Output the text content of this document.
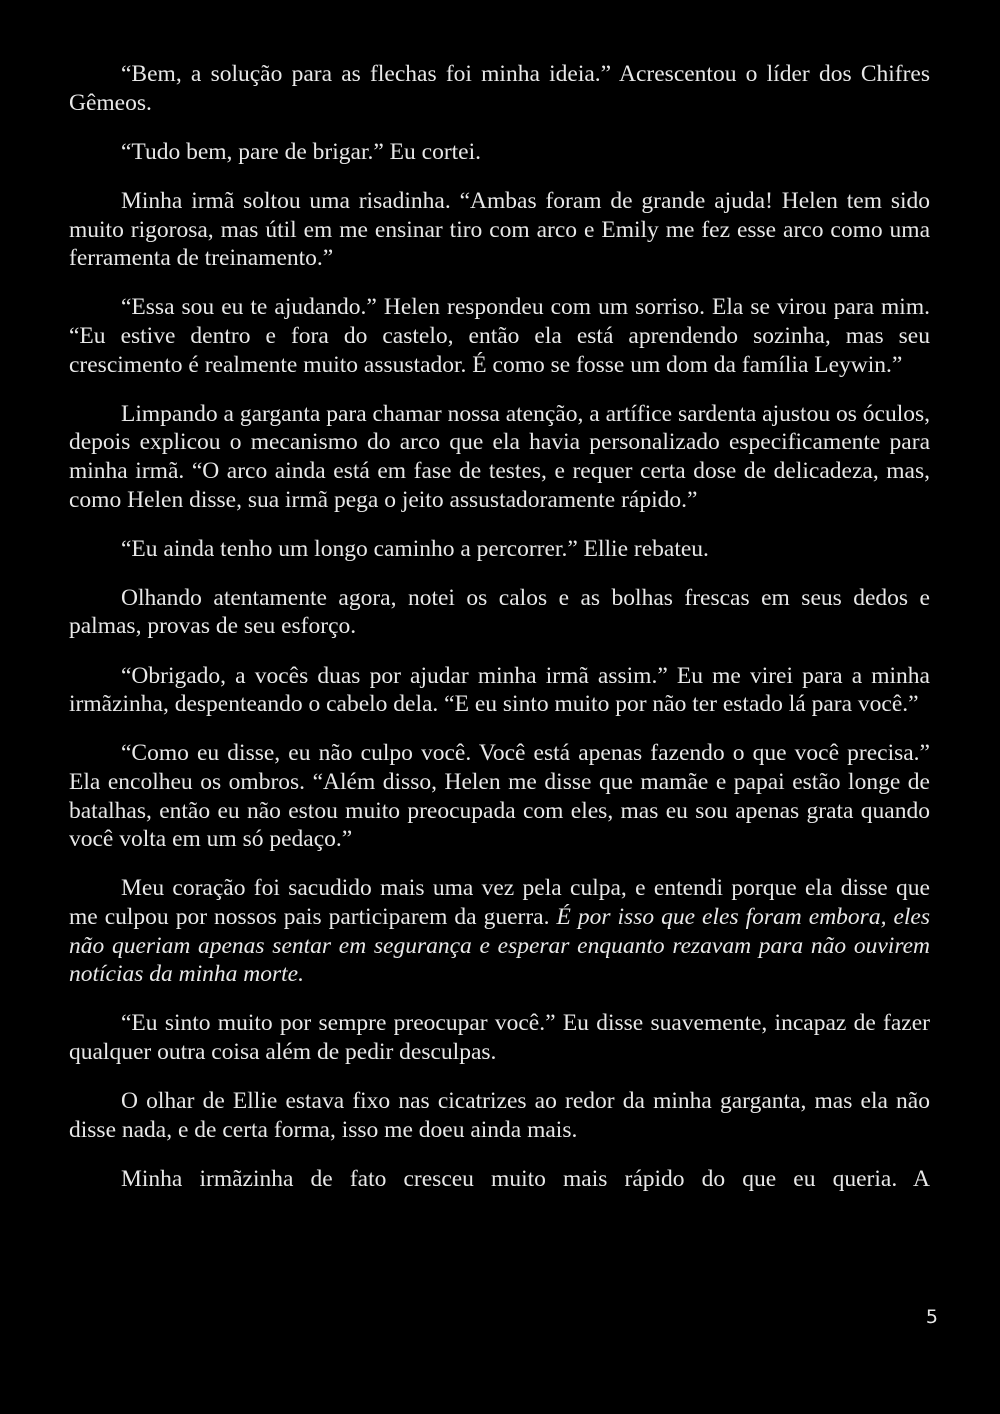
“Bem, a solução para as flechas foi minha ideia.” Acrescentou o líder dos Chifres Gêmeos.

“Tudo bem, pare de brigar.” Eu cortei.

Minha irmã soltou uma risadinha. “Ambas foram de grande ajuda! Helen tem sido muito rigorosa, mas útil em me ensinar tiro com arco e Emily me fez esse arco como uma ferramenta de treinamento.”

“Essa sou eu te ajudando.” Helen respondeu com um sorriso. Ela se virou para mim. “Eu estive dentro e fora do castelo, então ela está aprendendo sozinha, mas seu crescimento é realmente muito assustador. É como se fosse um dom da família Leywin.”

Limpando a garganta para chamar nossa atenção, a artífice sardenta ajustou os óculos, depois explicou o mecanismo do arco que ela havia personalizado especificamente para minha irmã. “O arco ainda está em fase de testes, e requer certa dose de delicadeza, mas, como Helen disse, sua irmã pega o jeito assustadoramente rápido.”

“Eu ainda tenho um longo caminho a percorrer.” Ellie rebateu.

Olhando atentamente agora, notei os calos e as bolhas frescas em seus dedos e palmas, provas de seu esforço.

“Obrigado, a vocês duas por ajudar minha irmã assim.” Eu me virei para a minha irmãzinha, despenteando o cabelo dela. “E eu sinto muito por não ter estado lá para você.”

“Como eu disse, eu não culpo você. Você está apenas fazendo o que você precisa.” Ela encolheu os ombros. “Além disso, Helen me disse que mamãe e papai estão longe de batalhas, então eu não estou muito preocupada com eles, mas eu sou apenas grata quando você volta em um só pedaço.”

Meu coração foi sacudido mais uma vez pela culpa, e entendi porque ela disse que me culpou por nossos pais participarem da guerra. É por isso que eles foram embora, eles não queriam apenas sentar em segurança e esperar enquanto rezavam para não ouvirem notícias da minha morte.

“Eu sinto muito por sempre preocupar você.” Eu disse suavemente, incapaz de fazer qualquer outra coisa além de pedir desculpas.

O olhar de Ellie estava fixo nas cicatrizes ao redor da minha garganta, mas ela não disse nada, e de certa forma, isso me doeu ainda mais.

Minha irmãzinha de fato cresceu muito mais rápido do que eu queria. A

5
